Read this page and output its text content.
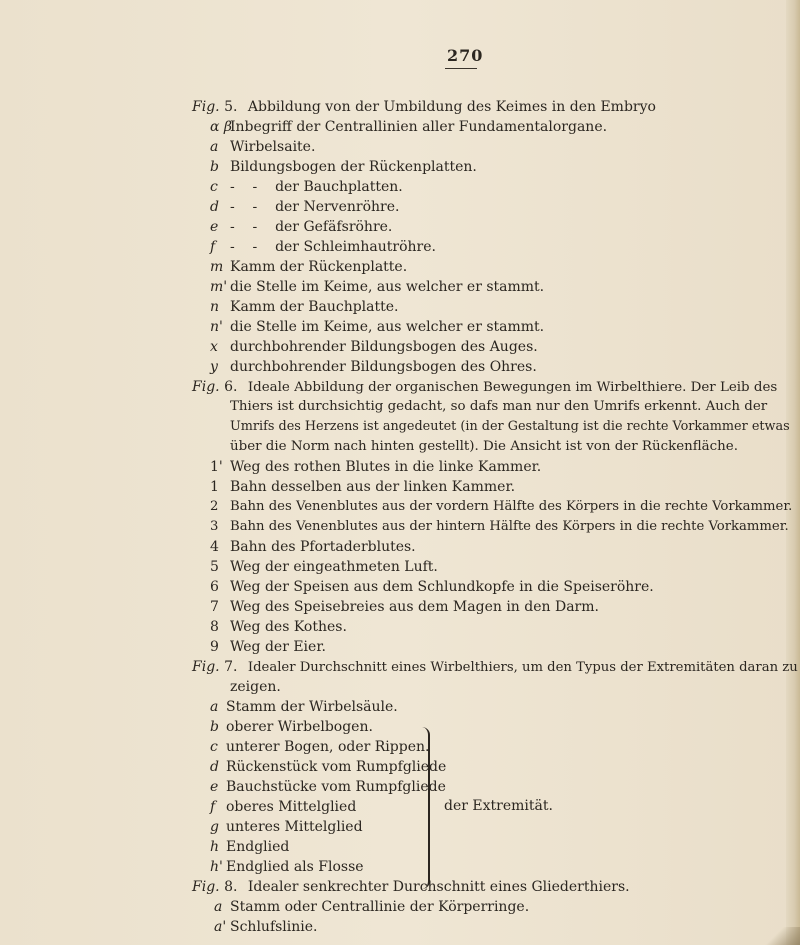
270
Fig. 5. Abbildung von der Umbildung des Keimes in den Embryo
α βInbegriff der Centrallinien aller Fundamentalorgane.
a Wirbelsaite.
b Bildungsbogen der Rückenplatten.
c -    -    der Bauchplatten.
d -    -    der Nervenröhre.
e -    -    der Gefäfsröhre.
f -    -    der Schleimhautröhre.
m Kamm der Rückenplatte.
m' die Stelle im Keime, aus welcher er stammt.
n Kamm der Bauchplatte.
n' die Stelle im Keime, aus welcher er stammt.
x durchbohrender Bildungsbogen des Auges.
y durchbohrender Bildungsbogen des Ohres.
Fig. 6. Ideale Abbildung der organischen Bewegungen im Wirbelthiere. Der Leib des
Thiers ist durchsichtig gedacht, so dafs man nur den Umrifs erkennt. Auch der
Umrifs des Herzens ist angedeutet (in der Gestaltung ist die rechte Vorkammer etwas
über die Norm nach hinten gestellt). Die Ansicht ist von der Rückenfläche.
1' Weg des rothen Blutes in die linke Kammer.
1 Bahn desselben aus der linken Kammer.
2 Bahn des Venenblutes aus der vordern Hälfte des Körpers in die rechte Vorkammer.
3 Bahn des Venenblutes aus der hintern Hälfte des Körpers in die rechte Vorkammer.
4 Bahn des Pfortaderblutes.
5 Weg der eingeathmeten Luft.
6 Weg der Speisen aus dem Schlundkopfe in die Speiseröhre.
7 Weg des Speisebreies aus dem Magen in den Darm.
8 Weg des Kothes.
9 Weg der Eier.
Fig. 7. Idealer Durchschnitt eines Wirbelthiers, um den Typus der Extremitäten daran zu
zeigen.
a Stamm der Wirbelsäule.
b oberer Wirbelbogen.
c unterer Bogen, oder Rippen.
d Rückenstück vom Rumpfgliede
e Bauchstücke vom Rumpfgliede
f oberes Mittelglied
g unteres Mittelglied
h Endglied
h' Endglied als Flosse
Fig. 8. Idealer senkrechter Durchschnitt eines Gliederthiers.
a Stamm oder Centrallinie der Körperringe.
a' Schlufslinie.
der Extremität.
